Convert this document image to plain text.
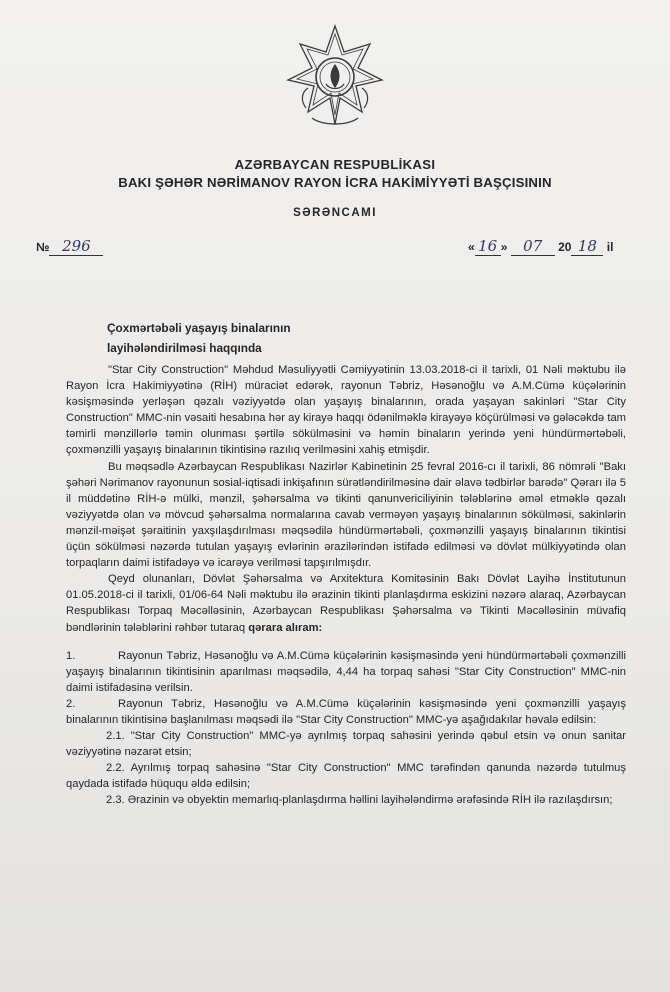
AZƏRBAYCAN RESPUBLİKASI
BAKI ŞƏHƏR NƏRİMANOV RAYON İCRA HAKİMİYYƏTİ BAŞÇISININ
SƏRƏNCAMI
№ 296	« 16 » 07 20 18 il
Çoxmərtəbəli yaşayış binalarının
layihələndirilməsi haqqında

"Star City Construction" Məhdud Məsuliyyətli Cəmiyyətinin 13.03.2018-ci il tarixli, 01 Nəli məktubu ilə Rayon İcra Hakimiyyətinə (RİH) müraciət edərək, rayonun Təbriz, Həsənoğlu və A.M.Cümə küçələrinin kəsişməsində yerləşən qəzalı vəziyyətdə olan yaşayış binalarının, orada yaşayan sakinləri "Star City Construction" MMC-nin vəsaiti hesabına hər ay kirayə haqqı ödənilməklə kirayəyə köçürülməsi və gələcəkdə tam təmirli mənzillərlə təmin olunması şərtilə sökülməsini və həmin binaların yerində yeni hündürmərtəbəli, çoxmənzilli yaşayış binalarının tikintisinə razılıq verilməsini xahiş etmişdir.

Bu məqsədlə Azərbaycan Respublikası Nazirlər Kabinetinin 25 fevral 2016-cı il tarixli, 86 nömrəli "Bakı şəhəri Nərimanov rayonunun sosial-iqtisadi inkişafının sürətləndirilməsinə dair əlavə tədbirlər barədə" Qərarı ilə 5 il müddətinə RİH-ə mülki, mənzil, şəhərsalma və tikinti qanunvericiliyinin tələblərinə əməl etməklə qəzalı vəziyyətdə olan və mövcud şəhərsalma normalarına cavab verməyən yaşayış binalarının sökülməsi, sakinlərin mənzil-məişət şəraitinin yaxşılaşdırılması məqsədilə hündürmərtəbəli, çoxmənzilli yaşayış binalarının tikintisi üçün sökülməsi nəzərdə tutulan yaşayış evlərinin ərazilərindən istifadə edilməsi və dövlət mülkiyyətində olan torpaqların daimi istifadəyə və icarəyə verilməsi tapşırılmışdır.

Qeyd olunanları, Dövlət Şəhərsalma və Arxitektura Komitəsinin Bakı Dövlət Layihə İnstitutunun 01.05.2018-ci il tarixli, 01/06-64 Nəli məktubu ilə ərazinin tikinti planlaşdırma eskizini nəzərə alaraq, Azərbaycan Respublikası Torpaq Məcəlləsinin, Azərbaycan Respublikası Şəhərsalma və Tikinti Məcəlləsinin müvafiq bəndlərinin tələblərini rəhbər tutaraq qərara alıram:

1.	Rayonun Təbriz, Həsənoğlu və A.M.Cümə küçələrinin kəsişməsində yeni hündürmərtəbəli çoxmənzilli yaşayış binalarının tikintisinin aparılması məqsədilə, 4,44 ha torpaq sahəsi "Star City Construction" MMC-nin daimi istifadəsinə verilsin.

2.	Rayonun Təbriz, Həsənoğlu və A.M.Cümə küçələrinin kəsişməsində yeni çoxmənzilli yaşayış binalarının tikintisinə başlanılması məqsədi ilə "Star City Construction" MMC-yə aşağıdakılar həvalə edilsin:

2.1. "Star City Construction" MMC-yə ayrılmış torpaq sahəsini yerində qəbul etsin və onun sanitar vəziyyətinə nəzarət etsin;

2.2. Ayrılmış torpaq sahəsinə "Star City Construction" MMC tərəfindən qanunda nəzərdə tutulmuş qaydada istifadə hüququ əldə edilsin;

2.3. Ərazinin və obyektin memarlıq-planlaşdırma həllini layihələndirmə ərəfəsində RİH ilə razılaşdırsın;
